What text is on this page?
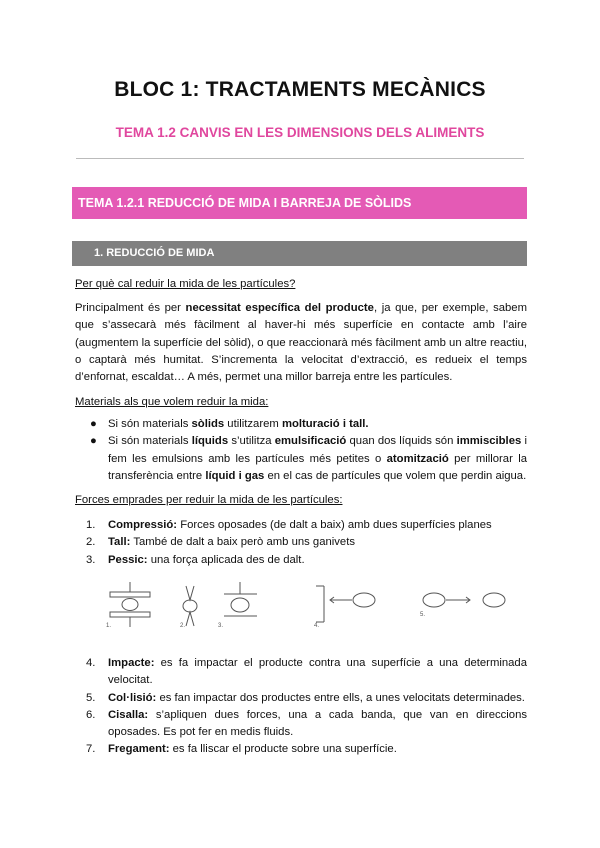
BLOC 1: TRACTAMENTS MECÀNICS
TEMA 1.2 CANVIS EN LES DIMENSIONS DELS ALIMENTS
TEMA 1.2.1 REDUCCIÓ DE MIDA I BARREJA DE SÒLIDS
1. REDUCCIÓ DE MIDA
Per què cal reduir la mida de les partícules?
Principalment és per necessitat específica del producte, ja que, per exemple, sabem que s’assecarà més fàcilment al haver-hi més superfície en contacte amb l’aire (augmentem la superfície del sòlid), o que reaccionarà més fàcilment amb un altre reactiu, o captarà més humitat. S’incrementa la velocitat d’extracció, es redueix el temps d’enfornat, escaldat… A més, permet una millor barreja entre les partícules.
Materials als que volem reduir la mida:
● Si són materials sòlids utilitzarem molturació i tall.
● Si són materials líquids s’utilitza emulsificació quan dos líquids són immiscibles i fem les emulsions amb les partícules més petites o atomització per millorar la transferència entre líquid i gas en el cas de partícules que volem que perdin aigua.
Forces emprades per reduir la mida de les partícules:
1. Compressió: Forces oposades (de dalt a baix) amb dues superfícies planes
2. Tall: També de dalt a baix però amb uns ganivets
3. Pessic: una força aplicada des de dalt.
1.	2.	3.	4.
5.
4. Impacte: es fa impactar el producte contra una superfície a una determinada velocitat.
5. Col·lisió: es fan impactar dos productes entre ells, a unes velocitats determinades.
6. Cisalla: s’apliquen dues forces, una a cada banda, que van en direccions oposades. Es pot fer en medis fluids.
7. Fregament: es fa lliscar el producte sobre una superfície.
